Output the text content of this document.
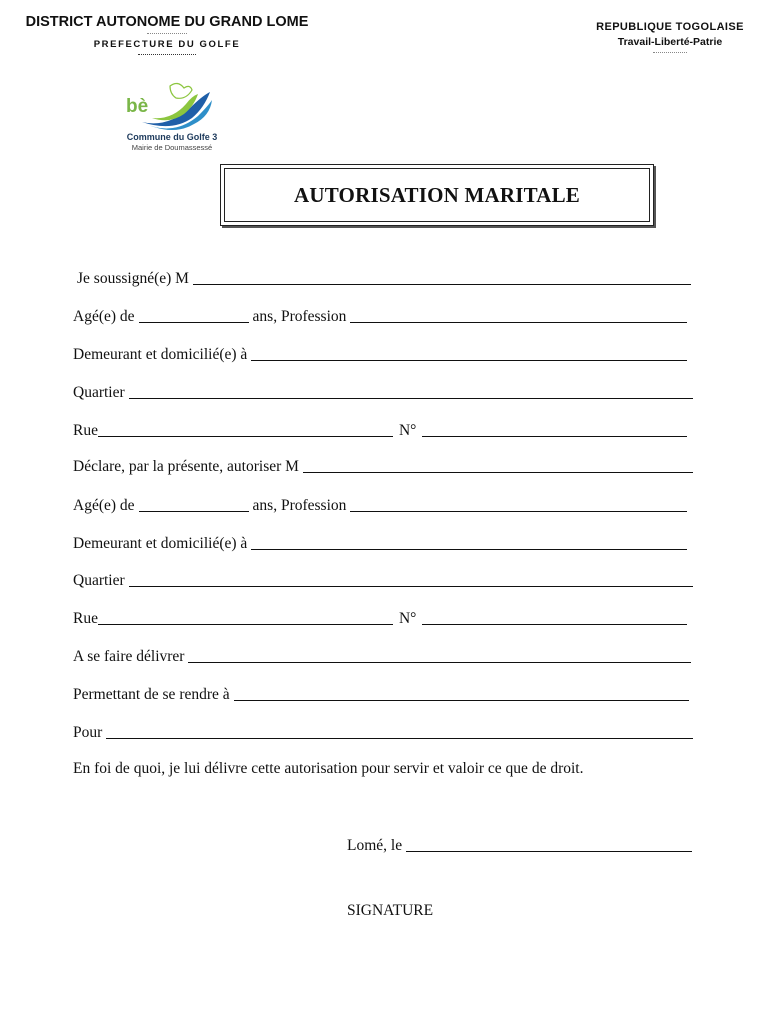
DISTRICT AUTONOME DU GRAND LOME
PREFECTURE DU GOLFE
REPUBLIQUE TOGOLAISE
Travail-Liberté-Patrie
bè
Commune du Golfe 3
Mairie de Doumassessé
AUTORISATION MARITALE
Je soussigné(e) M
Agé(e) de	ans, Profession
Demeurant et domicilié(e) à
Quartier
Rue	N°
Déclare, par la présente, autoriser M
Agé(e) de	ans, Profession
Demeurant et domicilié(e) à
Quartier
Rue	N°
A se faire délivrer
Permettant de se rendre à
Pour
En foi de quoi, je lui délivre cette autorisation pour servir et valoir ce que de droit.
Lomé, le
SIGNATURE
